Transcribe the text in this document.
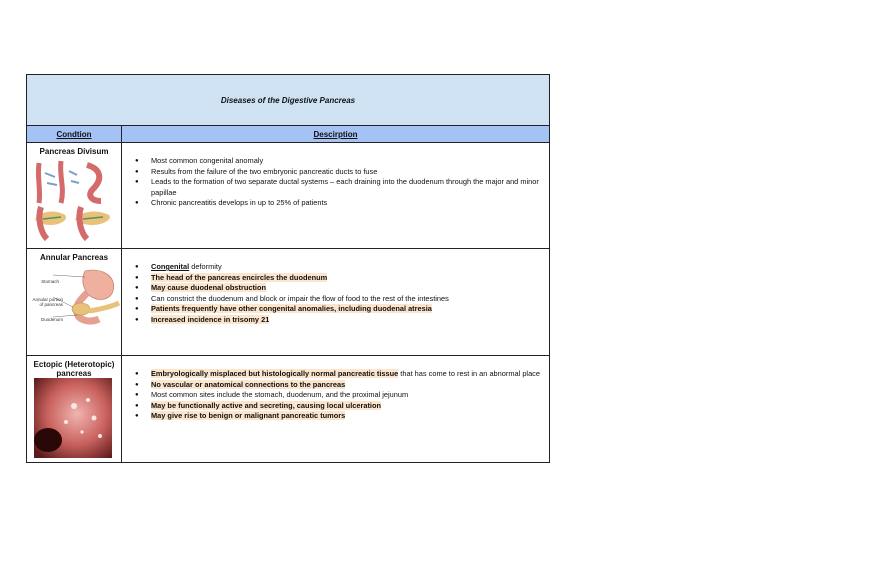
Diseases of the Digestive Pancreas
Condtion	Descirption
Pancreas Divisum
● Most common congenital anomaly
● Results from the failure of the two embryonic pancreatic ducts to fuse
● Leads to the formation of two separate ductal systems – each draining into the duodenum through the major and minor papillae
● Chronic pancreatitis develops in up to 25% of patients
Annular Pancreas
Stomach
Annular portion of pancreas
Duodenum
● Congenital deformity
● The head of the pancreas encircles the duodenum
● May cause duodenal obstruction
● Can constrict the duodenum and block or impair the flow of food to the rest of the intestines
● Patients frequently have other congenital anomalies, including duodenal atresia
● Increased incidence in trisomy 21
Ectopic (Heterotopic) pancreas
●	Embryologically misplaced but histologically normal pancreatic tissue that has come to rest in an abnormal place
● No vascular or anatomical connections to the pancreas
● Most common sites include the stomach, duodenum, and the proximal jejunum
● May be functionally active and secreting, causing local ulceration
● May give rise to benign or malignant pancreatic tumors
